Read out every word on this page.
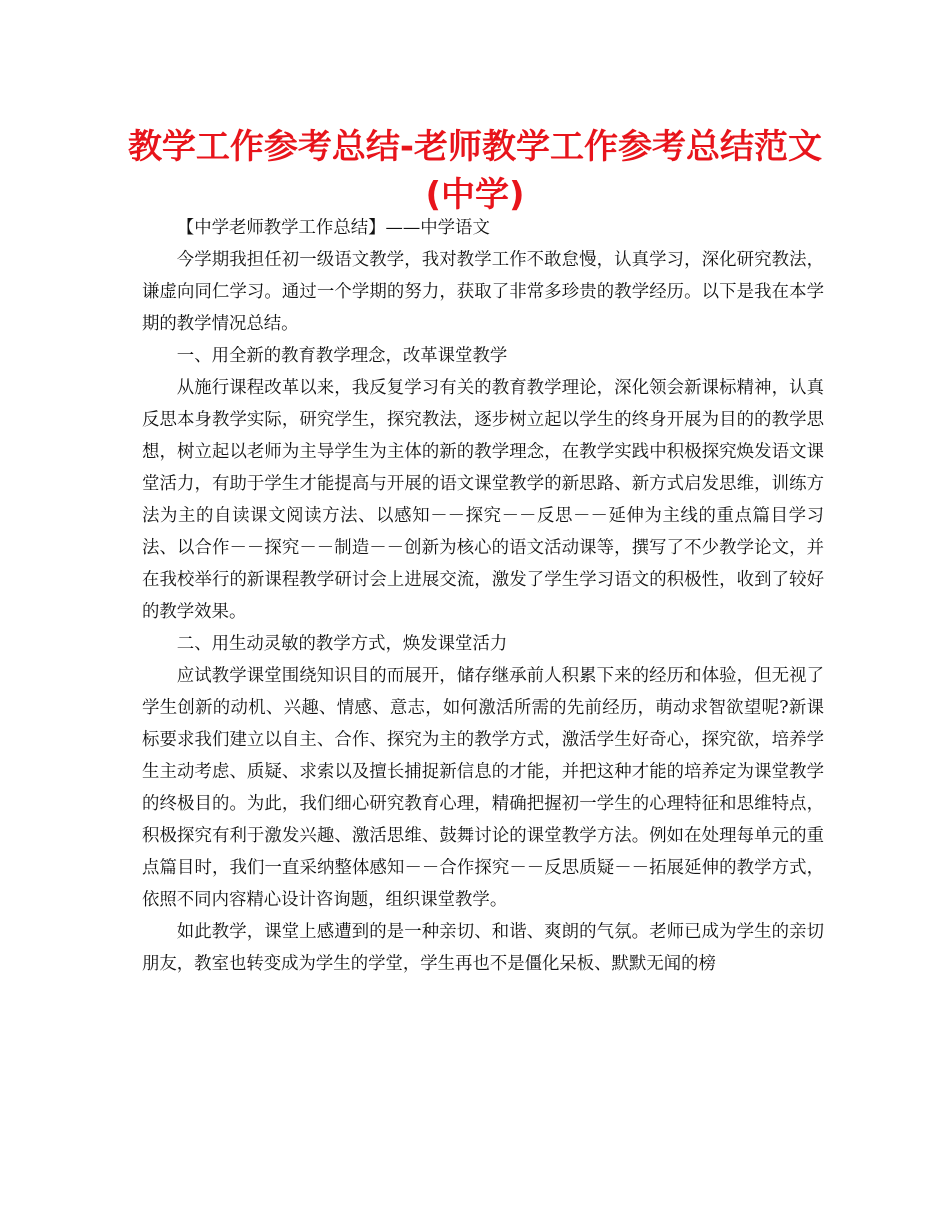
教学工作参考总结-老师教学工作参考总结范文
(中学)

【中学老师教学工作总结】——中学语文

今学期我担任初一级语文教学，我对教学工作不敢怠慢，认真学习，深化研究教法，谦虚向同仁学习。通过一个学期的努力，获取了非常多珍贵的教学经历。以下是我在本学期的教学情况总结。

一、用全新的教育教学理念，改革课堂教学

从施行课程改革以来，我反复学习有关的教育教学理论，深化领会新课标精神，认真反思本身教学实际，研究学生，探究教法，逐步树立起以学生的终身开展为目的的教学思想，树立起以老师为主导学生为主体的新的教学理念，在教学实践中积极探究焕发语文课堂活力，有助于学生才能提高与开展的语文课堂教学的新思路、新方式启发思维，训练方法为主的自读课文阅读方法、以感知－－探究－－反思－－延伸为主线的重点篇目学习法、以合作－－探究－－制造－－创新为核心的语文活动课等，撰写了不少教学论文，并在我校举行的新课程教学研讨会上进展交流，激发了学生学习语文的积极性，收到了较好的教学效果。

二、用生动灵敏的教学方式，焕发课堂活力

应试教学课堂围绕知识目的而展开，储存继承前人积累下来的经历和体验，但无视了学生创新的动机、兴趣、情感、意志，如何激活所需的先前经历，萌动求智欲望呢?新课标要求我们建立以自主、合作、探究为主的教学方式，激活学生好奇心，探究欲，培养学生主动考虑、质疑、求索以及擅长捕捉新信息的才能，并把这种才能的培养定为课堂教学的终极目的。为此，我们细心研究教育心理，精确把握初一学生的心理特征和思维特点，积极探究有利于激发兴趣、激活思维、鼓舞讨论的课堂教学方法。例如在处理每单元的重点篇目时，我们一直采纳整体感知－－合作探究－－反思质疑－－拓展延伸的教学方式，依照不同内容精心设计咨询题，组织课堂教学。

如此教学，课堂上感遭到的是一种亲切、和谐、爽朗的气氛。老师已成为学生的亲切朋友，教室也转变成为学生的学堂，学生再也不是僵化呆板、默默无闻的榜
